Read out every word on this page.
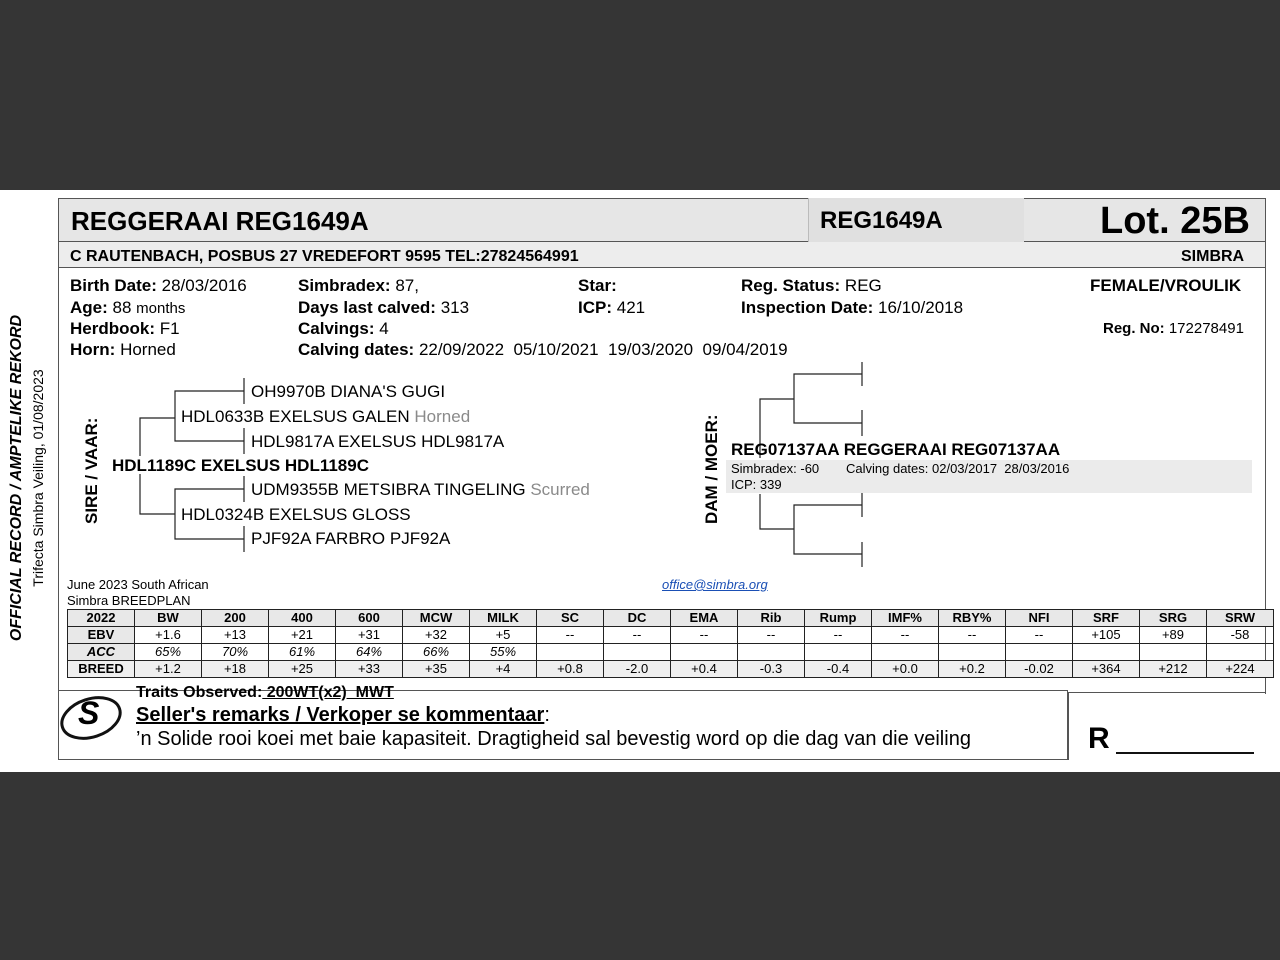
OFFICIAL RECORD / AMPTELIKE REKORD Trifecta Simbra Veiling, 01/08/2023
REGGERAAI REG1649A	REG1649A	Lot. 25B
C RAUTENBACH, POSBUS 27 VREDEFORT 9595 TEL:27824564991	SIMBRA
Birth Date: 28/03/2016
Age: 88 months
Herdbook: F1
Horn: Horned
Simbradex: 87,
Days last calved: 313
Calvings: 4
Calving dates: 22/09/2022  05/10/2021  19/03/2020  09/04/2019
Star:
ICP: 421
Reg. Status: REG
Inspection Date: 16/10/2018
FEMALE/VROULIK
Reg. No: 172278491
SIRE / VAAR:
OH9970B DIANA'S GUGI
HDL0633B EXELSUS GALEN Horned
HDL9817A EXELSUS HDL9817A
HDL1189C EXELSUS HDL1189C
UDM9355B METSIBRA TINGELING Scurred
HDL0324B EXELSUS GLOSS
PJF92A FARBRO PJF92A
DAM / MOER: REG07137AA REGGERAAI REG07137AA
Simbradex: -60 Calving dates: 02/03/2017  28/03/2016
ICP: 339
June 2023 South African
Simbra BREEDPLAN
office@simbra.org
2022	BW	200	400	600	MCW	MILK	SC	DC	EMA	Rib	Rump	IMF%	RBY%	NFI	SRF	SRG	SRW
EBV	+1.6	+13	+21	+31	+32	+5	--	--	--	--	--	--	--	--	+105	+89	-58
ACC	65%	70%	61%	64%	66%	55%											
BREED	+1.2	+18	+25	+33	+35	+4	+0.8	-2.0	+0.4	-0.3	-0.4	+0.0	+0.2	-0.02	+364	+212	+224
S
Traits Observed: 200WT(x2)  MWT
Seller's remarks / Verkoper se kommentaar:
’n Solide rooi koei met baie kapasiteit. Dragtigheid sal bevestig word op die dag van die veiling	R
